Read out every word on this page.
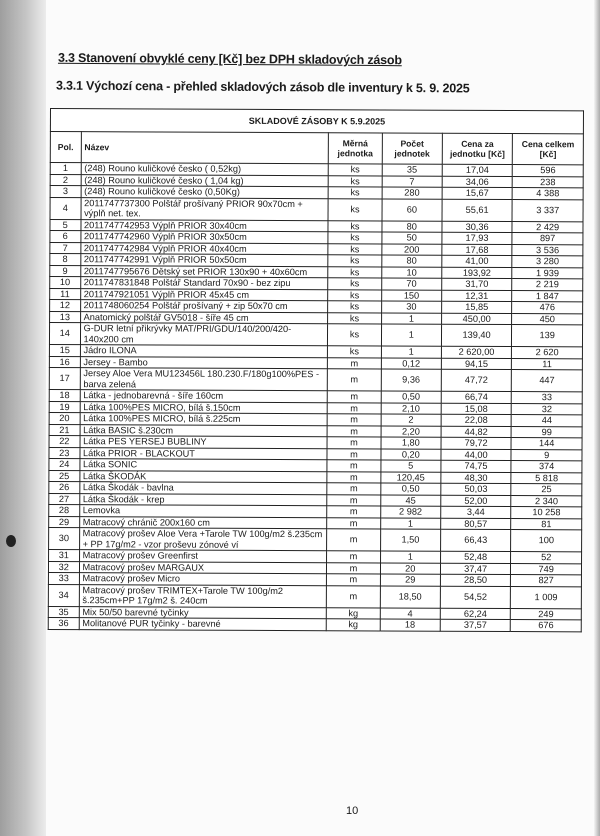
3.3 Stanovení obvyklé ceny [Kč] bez DPH skladových zásob
3.3.1 Výchozí cena - přehled skladových zásob dle inventury k 5. 9. 2025
SKLADOVÉ ZÁSOBY K 5.9.2025					
Pol.	Název	Měrná jednotka	Počet jednotek	Cena za jednotku [Kč]	Cena celkem [Kč]
1	(248) Rouno kuličkové česko ( 0,52kg)	ks	35	17,04	596
2	(248) Rouno kuličkové česko ( 1,04 kg)	ks	7	34,06	238
3	(248) Rouno kuličkové česko (0,50Kg)	ks	280	15,67	4 388
4	2011747737300 Polštář prošívaný PRIOR 90x70cm + výplň net. tex.	ks	60	55,61	3 337
5	2011747742953 Výplň PRIOR 30x40cm	ks	80	30,36	2 429
6	2011747742960 Výplň PRIOR 30x50cm	ks	50	17,93	897
7	2011747742984 Výplň PRIOR 40x40cm	ks	200	17,68	3 536
8	2011747742991 Výplň PRIOR 50x50cm	ks	80	41,00	3 280
9	2011747795676 Dětský set PRIOR 130x90 + 40x60cm	ks	10	193,92	1 939
10	2011747831848 Polštář Standard 70x90 - bez zipu	ks	70	31,70	2 219
11	2011747921051 Výplň PRIOR 45x45 cm	ks	150	12,31	1 847
12	2011748060254 Polštář prošívaný + zip 50x70 cm	ks	30	15,85	476
13	Anatomický polštář GV5018 - šíře 45 cm	ks	1	450,00	450
14	G-DUR letní přikrývky MAT/PRI/GDU/140/200/420-140x200 cm	ks	1	139,40	139
15	Jádro ILONA	ks	1	2 620,00	2 620
16	Jersey - Bambo	m	0,12	94,15	11
17	Jersey Aloe Vera MU123456L 180.230.F/180g100%PES - barva zelená	m	9,36	47,72	447
18	Látka - jednobarevná - šíře 160cm	m	0,50	66,74	33
19	Látka 100%PES MICRO, bílá š.150cm	m	2,10	15,08	32
20	Látka 100%PES MICRO, bílá š.225cm	m	2	22,08	44
21	Látka BASIC š.230cm	m	2,20	44,82	99
22	Látka PES YERSEJ BUBLINY	m	1,80	79,72	144
23	Látka PRIOR - BLACKOUT	m	0,20	44,00	9
24	Látka SONIC	m	5	74,75	374
25	Látka ŠKODÁK	m	120,45	48,30	5 818
26	Látka Škodák - bavlna	m	0,50	50,03	25
27	Látka Škodák - krep	m	45	52,00	2 340
28	Lemovka	m	2 982	3,44	10 258
29	Matracový chránič 200x160 cm	m	1	80,57	81
30	Matracový prošev Aloe Vera +Tarole TW 100g/m2 š.235cm + PP 17g/m2 - vzor proševu zónové ví	m	1,50	66,43	100
31	Matracový prošev Greenfirst	m	1	52,48	52
32	Matracový prošev MARGAUX	m	20	37,47	749
33	Matracový prošev Micro	m	29	28,50	827
34	Matracový prošev TRIMTEX+Tarole TW 100g/m2 š.235cm+PP 17g/m2 š. 240cm	m	18,50	54,52	1 009
35	Mix 50/50 barevné tyčinky	kg	4	62,24	249
36	Molitanové PUR tyčinky - barevné	kg	18	37,57	676
10
